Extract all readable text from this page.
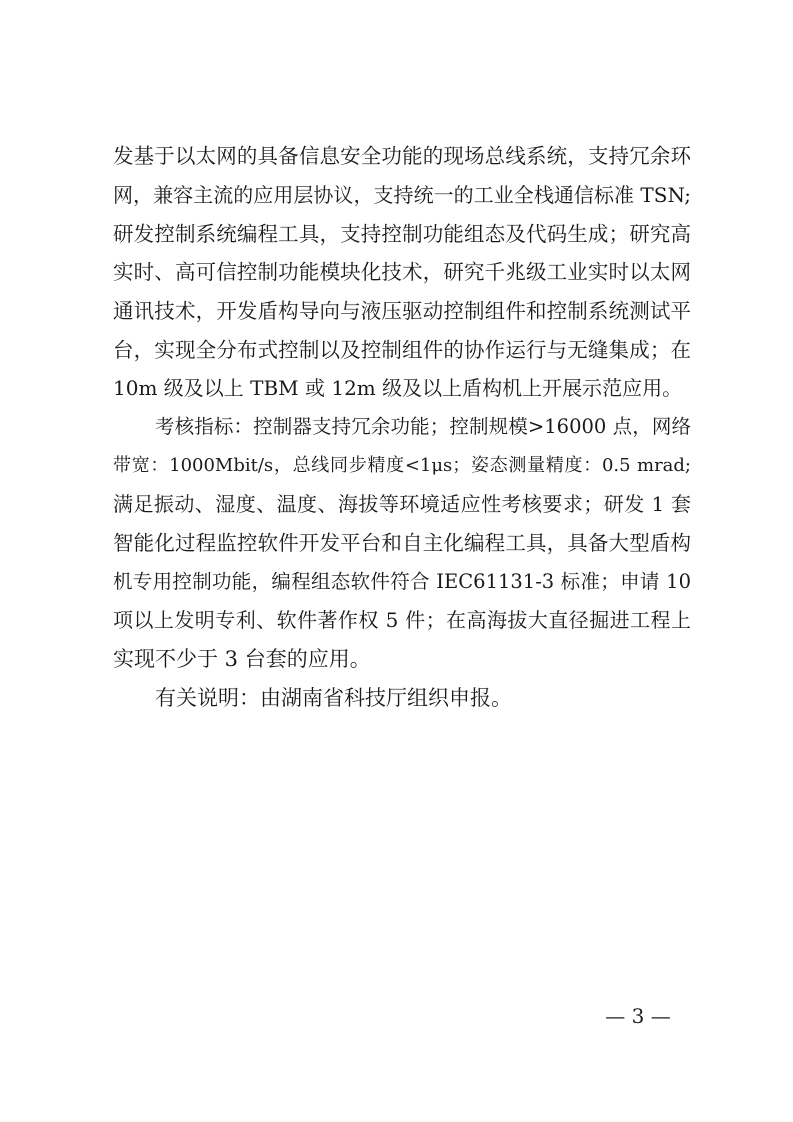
发基于以太网的具备信息安全功能的现场总线系统，支持冗余环
网，兼容主流的应用层协议，支持统一的工业全栈通信标准 TSN;
研发控制系统编程工具，支持控制功能组态及代码生成；研究高
实时、高可信控制功能模块化技术，研究千兆级工业实时以太网
通讯技术，开发盾构导向与液压驱动控制组件和控制系统测试平
台，实现全分布式控制以及控制组件的协作运行与无缝集成；在
10m 级及以上 TBM 或 12m 级及以上盾构机上开展示范应用。
考核指标：控制器支持冗余功能；控制规模>16000 点，网络
带宽：1000Mbit/s，总线同步精度<1μs；姿态测量精度：0.5 mrad;
满足振动、湿度、温度、海拔等环境适应性考核要求；研发 1 套
智能化过程监控软件开发平台和自主化编程工具，具备大型盾构
机专用控制功能，编程组态软件符合 IEC61131-3 标准；申请 10
项以上发明专利、软件著作权 5 件；在高海拔大直径掘进工程上
实现不少于 3 台套的应用。
有关说明：由湖南省科技厅组织申报。
— 3 —
